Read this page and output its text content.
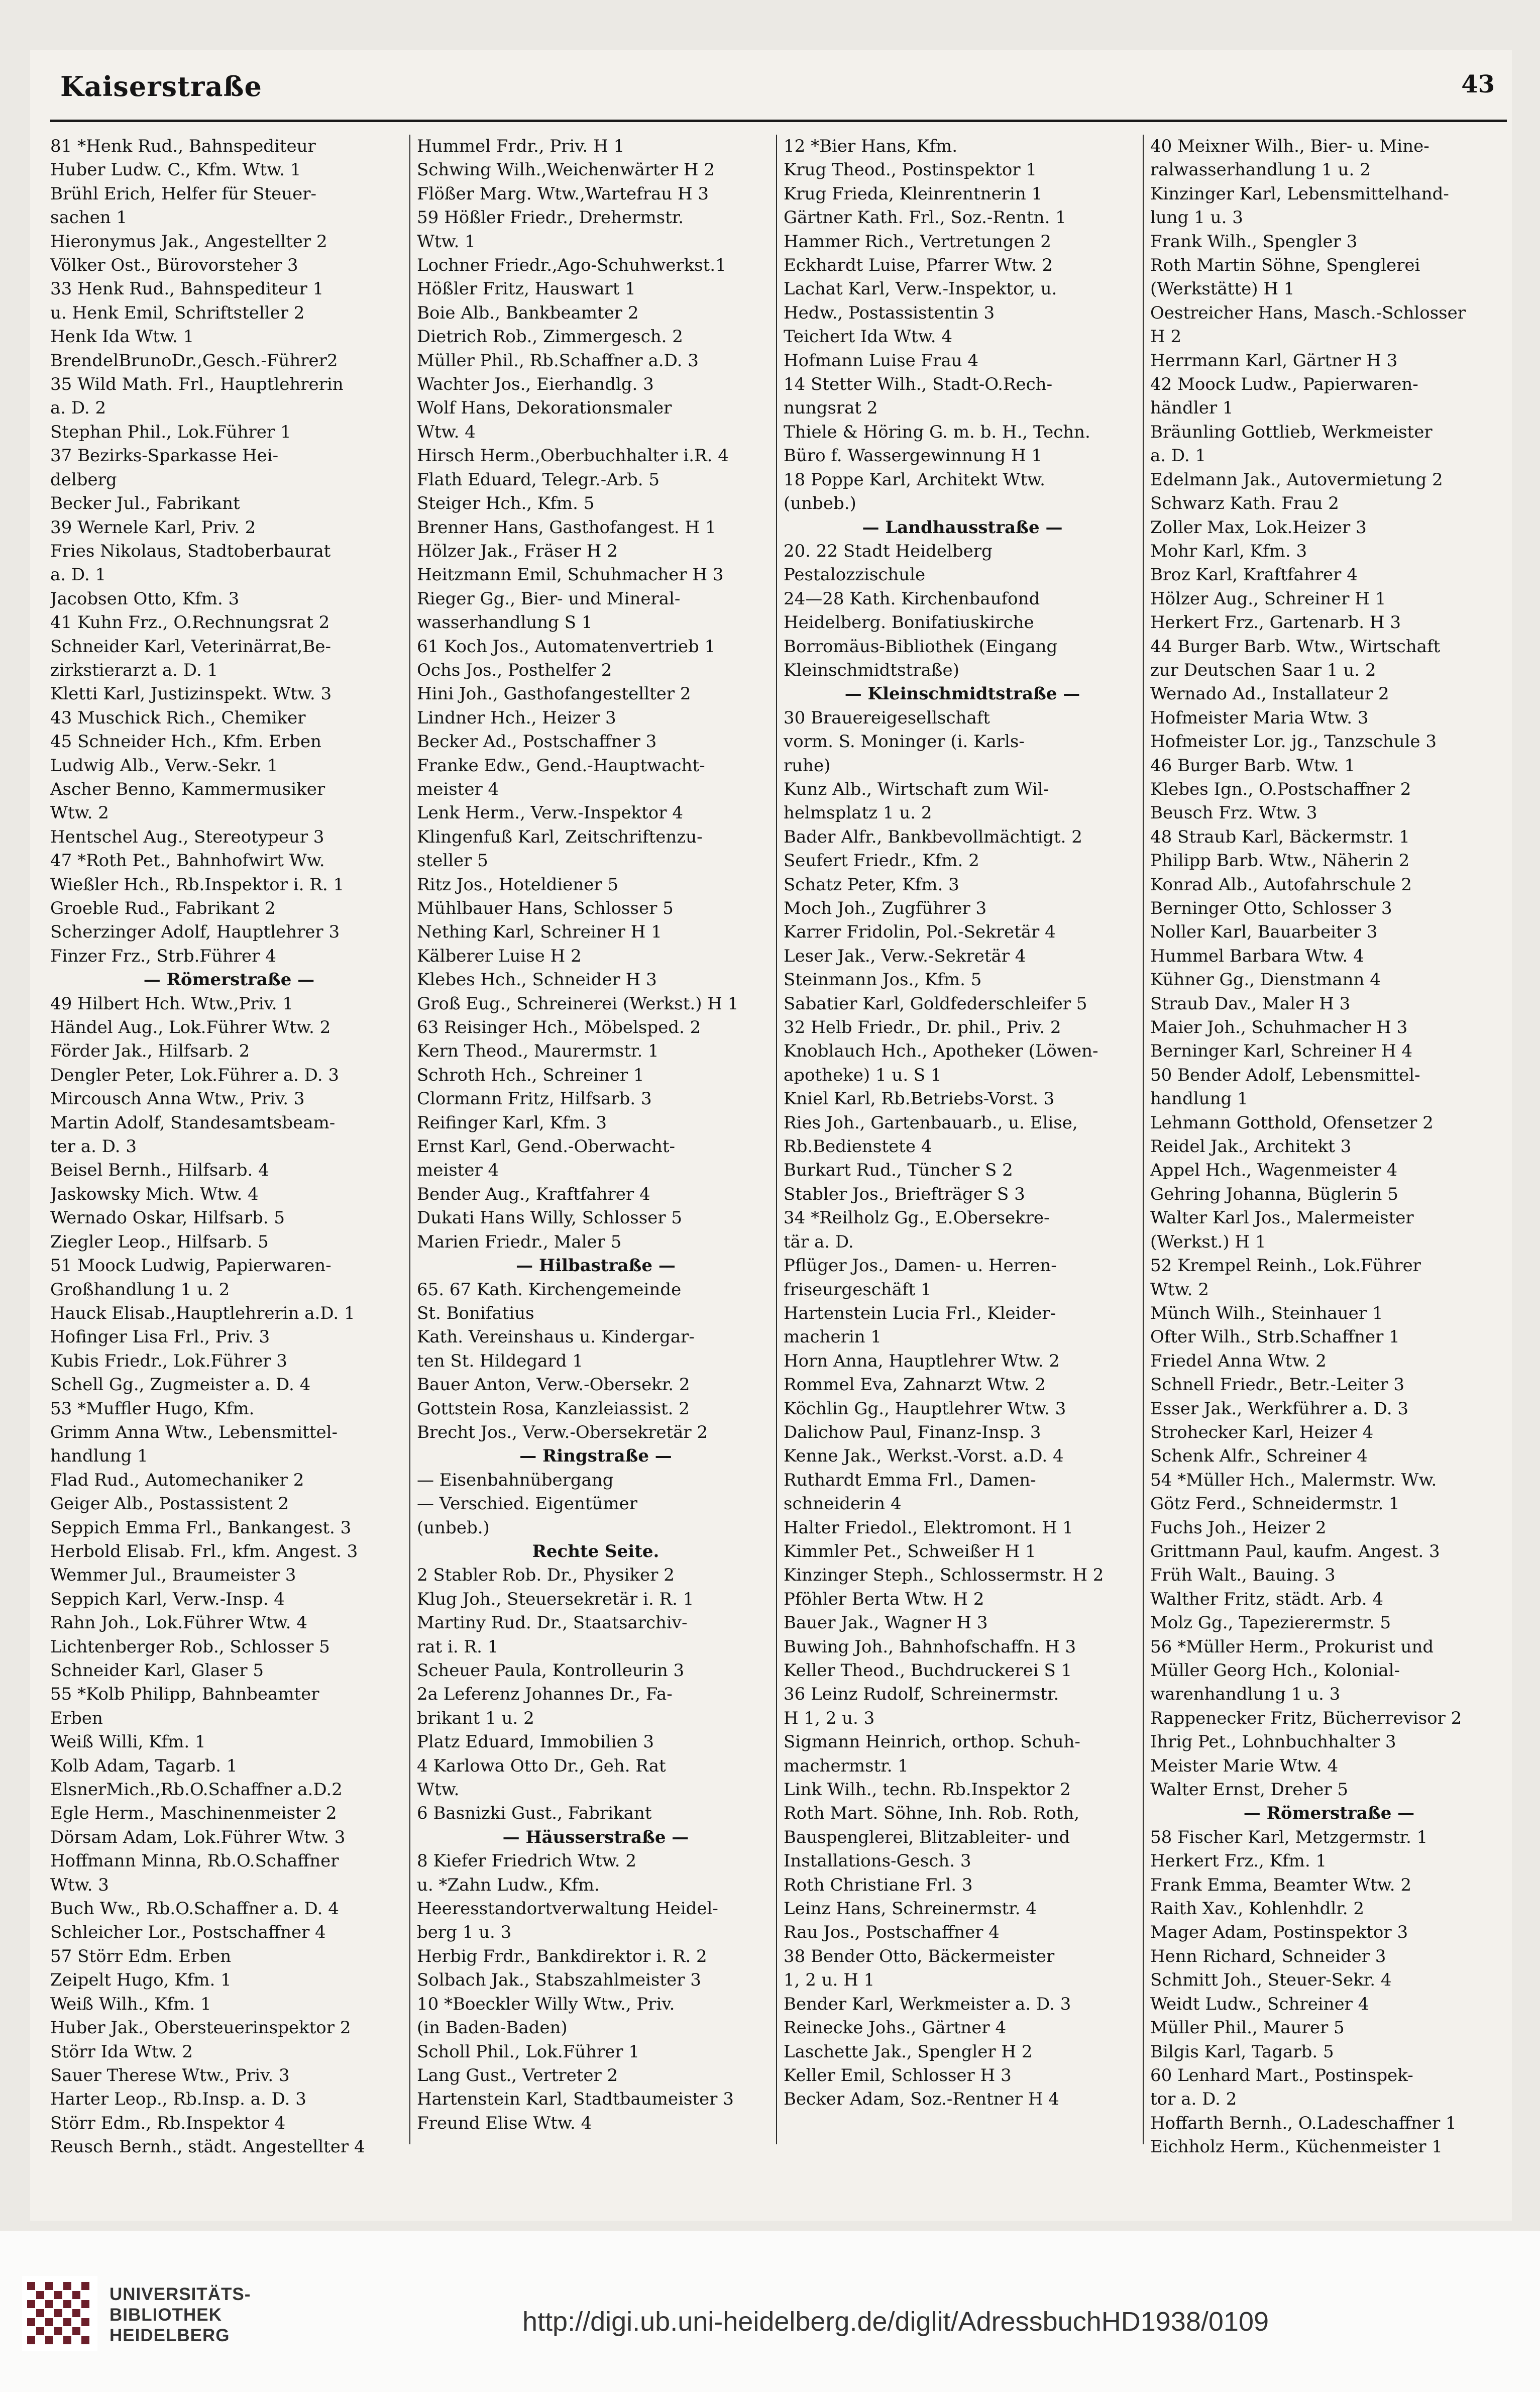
Kaiserstraße	43
81 *Henk Rud., Bahnspediteur
Huber Ludw. C., Kfm. Wtw. 1
Brühl Erich, Helfer für Steuer-
sachen 1
Hieronymus Jak., Angestellter 2
Völker Ost., Bürovorsteher 3
33 Henk Rud., Bahnspediteur 1
u. Henk Emil, Schriftsteller 2
Henk Ida Wtw. 1
BrendelBrunoDr.,Gesch.-Führer2
35 Wild Math. Frl., Hauptlehrerin
a. D. 2
Stephan Phil., Lok.Führer 1
37 Bezirks-Sparkasse Hei-
delberg
Becker Jul., Fabrikant
39 Wernele Karl, Priv. 2
Fries Nikolaus, Stadtoberbaurat
a. D. 1
Jacobsen Otto, Kfm. 3
41 Kuhn Frz., O.Rechnungsrat 2
Schneider Karl, Veterinärrat,Be-
zirkstierarzt a. D. 1
Kletti Karl, Justizinspekt. Wtw. 3
43 Muschick Rich., Chemiker
45 Schneider Hch., Kfm. Erben
Ludwig Alb., Verw.-Sekr. 1
Ascher Benno, Kammermusiker
Wtw. 2
Hentschel Aug., Stereotypeur 3
47 *Roth Pet., Bahnhofwirt Ww.
Wießler Hch., Rb.Inspektor i. R. 1
Groeble Rud., Fabrikant 2
Scherzinger Adolf, Hauptlehrer 3
Finzer Frz., Strb.Führer 4
— Römerstraße —
49 Hilbert Hch. Wtw.,Priv. 1
Händel Aug., Lok.Führer Wtw. 2
Förder Jak., Hilfsarb. 2
Dengler Peter, Lok.Führer a. D. 3
Mircousch Anna Wtw., Priv. 3
Martin Adolf, Standesamtsbeam-
ter a. D. 3
Beisel Bernh., Hilfsarb. 4
Jaskowsky Mich. Wtw. 4
Wernado Oskar, Hilfsarb. 5
Ziegler Leop., Hilfsarb. 5
51 Moock Ludwig, Papierwaren-
Großhandlung 1 u. 2
Hauck Elisab.,Hauptlehrerin a.D. 1
Hofinger Lisa Frl., Priv. 3
Kubis Friedr., Lok.Führer 3
Schell Gg., Zugmeister a. D. 4
53 *Muffler Hugo, Kfm.
Grimm Anna Wtw., Lebensmittel-
handlung 1
Flad Rud., Automechaniker 2
Geiger Alb., Postassistent 2
Seppich Emma Frl., Bankangest. 3
Herbold Elisab. Frl., kfm. Angest. 3
Wemmer Jul., Braumeister 3
Seppich Karl, Verw.-Insp. 4
Rahn Joh., Lok.Führer Wtw. 4
Lichtenberger Rob., Schlosser 5
Schneider Karl, Glaser 5
55 *Kolb Philipp, Bahnbeamter
Erben
Weiß Willi, Kfm. 1
Kolb Adam, Tagarb. 1
ElsnerMich.,Rb.O.Schaffner a.D.2
Egle Herm., Maschinenmeister 2
Dörsam Adam, Lok.Führer Wtw. 3
Hoffmann Minna, Rb.O.Schaffner
Wtw. 3
Buch Ww., Rb.O.Schaffner a. D. 4
Schleicher Lor., Postschaffner 4
57 Störr Edm. Erben
Zeipelt Hugo, Kfm. 1
Weiß Wilh., Kfm. 1
Huber Jak., Obersteuerinspektor 2
Störr Ida Wtw. 2
Sauer Therese Wtw., Priv. 3
Harter Leop., Rb.Insp. a. D. 3
Störr Edm., Rb.Inspektor 4
Reusch Bernh., städt. Angestellter 4
Hummel Frdr., Priv. H 1
Schwing Wilh.,Weichenwärter H 2
Flößer Marg. Wtw.,Wartefrau H 3
59 Hößler Friedr., Drehermstr.
Wtw. 1
Lochner Friedr.,Ago-Schuhwerkst.1
Hößler Fritz, Hauswart 1
Boie Alb., Bankbeamter 2
Dietrich Rob., Zimmergesch. 2
Müller Phil., Rb.Schaffner a.D. 3
Wachter Jos., Eierhandlg. 3
Wolf Hans, Dekorationsmaler
Wtw. 4
Hirsch Herm.,Oberbuchhalter i.R. 4
Flath Eduard, Telegr.-Arb. 5
Steiger Hch., Kfm. 5
Brenner Hans, Gasthofangest. H 1
Hölzer Jak., Fräser H 2
Heitzmann Emil, Schuhmacher H 3
Rieger Gg., Bier- und Mineral-
wasserhandlung S 1
61 Koch Jos., Automatenvertrieb 1
Ochs Jos., Posthelfer 2
Hini Joh., Gasthofangestellter 2
Lindner Hch., Heizer 3
Becker Ad., Postschaffner 3
Franke Edw., Gend.-Hauptwacht-
meister 4
Lenk Herm., Verw.-Inspektor 4
Klingenfuß Karl, Zeitschriftenzu-
steller 5
Ritz Jos., Hoteldiener 5
Mühlbauer Hans, Schlosser 5
Nething Karl, Schreiner H 1
Kälberer Luise H 2
Klebes Hch., Schneider H 3
Groß Eug., Schreinerei (Werkst.) H 1
63 Reisinger Hch., Möbelsped. 2
Kern Theod., Maurermstr. 1
Schroth Hch., Schreiner 1
Clormann Fritz, Hilfsarb. 3
Reifinger Karl, Kfm. 3
Ernst Karl, Gend.-Oberwacht-
meister 4
Bender Aug., Kraftfahrer 4
Dukati Hans Willy, Schlosser 5
Marien Friedr., Maler 5
— Hilbastraße —
65. 67 Kath. Kirchengemeinde
St. Bonifatius
Kath. Vereinshaus u. Kindergar-
ten St. Hildegard 1
Bauer Anton, Verw.-Obersekr. 2
Gottstein Rosa, Kanzleiassist. 2
Brecht Jos., Verw.-Obersekretär 2
— Ringstraße —
— Eisenbahnübergang
— Verschied. Eigentümer
(unbeb.)
Rechte Seite.
2 Stabler Rob. Dr., Physiker 2
Klug Joh., Steuersekretär i. R. 1
Martiny Rud. Dr., Staatsarchiv-
rat i. R. 1
Scheuer Paula, Kontrolleurin 3
2a Leferenz Johannes Dr., Fa-
brikant 1 u. 2
Platz Eduard, Immobilien 3
4 Karlowa Otto Dr., Geh. Rat
Wtw.
6 Basnizki Gust., Fabrikant
— Häusserstraße —
8 Kiefer Friedrich Wtw. 2
u. *Zahn Ludw., Kfm.
Heeresstandortverwaltung Heidel-
berg 1 u. 3
Herbig Frdr., Bankdirektor i. R. 2
Solbach Jak., Stabszahlmeister 3
10 *Boeckler Willy Wtw., Priv.
(in Baden-Baden)
Scholl Phil., Lok.Führer 1
Lang Gust., Vertreter 2
Hartenstein Karl, Stadtbaumeister 3
Freund Elise Wtw. 4
12 *Bier Hans, Kfm.
Krug Theod., Postinspektor 1
Krug Frieda, Kleinrentnerin 1
Gärtner Kath. Frl., Soz.-Rentn. 1
Hammer Rich., Vertretungen 2
Eckhardt Luise, Pfarrer Wtw. 2
Lachat Karl, Verw.-Inspektor, u.
Hedw., Postassistentin 3
Teichert Ida Wtw. 4
Hofmann Luise Frau 4
14 Stetter Wilh., Stadt-O.Rech-
nungsrat 2
Thiele & Höring G. m. b. H., Techn.
Büro f. Wassergewinnung H 1
18 Poppe Karl, Architekt Wtw.
(unbeb.)
— Landhausstraße —
20. 22 Stadt Heidelberg
Pestalozzischule
24—28 Kath. Kirchenbaufond
Heidelberg. Bonifatiuskirche
Borromäus-Bibliothek (Eingang
Kleinschmidtstraße)
— Kleinschmidtstraße —
30 Brauereigesellschaft
vorm. S. Moninger (i. Karls-
ruhe)
Kunz Alb., Wirtschaft zum Wil-
helmsplatz 1 u. 2
Bader Alfr., Bankbevollmächtigt. 2
Seufert Friedr., Kfm. 2
Schatz Peter, Kfm. 3
Moch Joh., Zugführer 3
Karrer Fridolin, Pol.-Sekretär 4
Leser Jak., Verw.-Sekretär 4
Steinmann Jos., Kfm. 5
Sabatier Karl, Goldfederschleifer 5
32 Helb Friedr., Dr. phil., Priv. 2
Knoblauch Hch., Apotheker (Löwen-
apotheke) 1 u. S 1
Kniel Karl, Rb.Betriebs-Vorst. 3
Ries Joh., Gartenbauarb., u. Elise,
Rb.Bedienstete 4
Burkart Rud., Tüncher S 2
Stabler Jos., Briefträger S 3
34 *Reilholz Gg., E.Obersekre-
tär a. D.
Pflüger Jos., Damen- u. Herren-
friseurgeschäft 1
Hartenstein Lucia Frl., Kleider-
macherin 1
Horn Anna, Hauptlehrer Wtw. 2
Rommel Eva, Zahnarzt Wtw. 2
Köchlin Gg., Hauptlehrer Wtw. 3
Dalichow Paul, Finanz-Insp. 3
Kenne Jak., Werkst.-Vorst. a.D. 4
Ruthardt Emma Frl., Damen-
schneiderin 4
Halter Friedol., Elektromont. H 1
Kimmler Pet., Schweißer H 1
Kinzinger Steph., Schlossermstr. H 2
Pföhler Berta Wtw. H 2
Bauer Jak., Wagner H 3
Buwing Joh., Bahnhofschaffn. H 3
Keller Theod., Buchdruckerei S 1
36 Leinz Rudolf, Schreinermstr.
H 1, 2 u. 3
Sigmann Heinrich, orthop. Schuh-
machermstr. 1
Link Wilh., techn. Rb.Inspektor 2
Roth Mart. Söhne, Inh. Rob. Roth,
Bauspenglerei, Blitzableiter- und
Installations-Gesch. 3
Roth Christiane Frl. 3
Leinz Hans, Schreinermstr. 4
Rau Jos., Postschaffner 4
38 Bender Otto, Bäckermeister
1, 2 u. H 1
Bender Karl, Werkmeister a. D. 3
Reinecke Johs., Gärtner 4
Laschette Jak., Spengler H 2
Keller Emil, Schlosser H 3
Becker Adam, Soz.-Rentner H 4
40 Meixner Wilh., Bier- u. Mine-
ralwasserhandlung 1 u. 2
Kinzinger Karl, Lebensmittelhand-
lung 1 u. 3
Frank Wilh., Spengler 3
Roth Martin Söhne, Spenglerei
(Werkstätte) H 1
Oestreicher Hans, Masch.-Schlosser
H 2
Herrmann Karl, Gärtner H 3
42 Moock Ludw., Papierwaren-
händler 1
Bräunling Gottlieb, Werkmeister
a. D. 1
Edelmann Jak., Autovermietung 2
Schwarz Kath. Frau 2
Zoller Max, Lok.Heizer 3
Mohr Karl, Kfm. 3
Broz Karl, Kraftfahrer 4
Hölzer Aug., Schreiner H 1
Herkert Frz., Gartenarb. H 3
44 Burger Barb. Wtw., Wirtschaft
zur Deutschen Saar 1 u. 2
Wernado Ad., Installateur 2
Hofmeister Maria Wtw. 3
Hofmeister Lor. jg., Tanzschule 3
46 Burger Barb. Wtw. 1
Klebes Ign., O.Postschaffner 2
Beusch Frz. Wtw. 3
48 Straub Karl, Bäckermstr. 1
Philipp Barb. Wtw., Näherin 2
Konrad Alb., Autofahrschule 2
Berninger Otto, Schlosser 3
Noller Karl, Bauarbeiter 3
Hummel Barbara Wtw. 4
Kühner Gg., Dienstmann 4
Straub Dav., Maler H 3
Maier Joh., Schuhmacher H 3
Berninger Karl, Schreiner H 4
50 Bender Adolf, Lebensmittel-
handlung 1
Lehmann Gotthold, Ofensetzer 2
Reidel Jak., Architekt 3
Appel Hch., Wagenmeister 4
Gehring Johanna, Büglerin 5
Walter Karl Jos., Malermeister
(Werkst.) H 1
52 Krempel Reinh., Lok.Führer
Wtw. 2
Münch Wilh., Steinhauer 1
Ofter Wilh., Strb.Schaffner 1
Friedel Anna Wtw. 2
Schnell Friedr., Betr.-Leiter 3
Esser Jak., Werkführer a. D. 3
Strohecker Karl, Heizer 4
Schenk Alfr., Schreiner 4
54 *Müller Hch., Malermstr. Ww.
Götz Ferd., Schneidermstr. 1
Fuchs Joh., Heizer 2
Grittmann Paul, kaufm. Angest. 3
Früh Walt., Bauing. 3
Walther Fritz, städt. Arb. 4
Molz Gg., Tapezierermstr. 5
56 *Müller Herm., Prokurist und
Müller Georg Hch., Kolonial-
warenhandlung 1 u. 3
Rappenecker Fritz, Bücherrevisor 2
Ihrig Pet., Lohnbuchhalter 3
Meister Marie Wtw. 4
Walter Ernst, Dreher 5
— Römerstraße —
58 Fischer Karl, Metzgermstr. 1
Herkert Frz., Kfm. 1
Frank Emma, Beamter Wtw. 2
Raith Xav., Kohlenhdlr. 2
Mager Adam, Postinspektor 3
Henn Richard, Schneider 3
Schmitt Joh., Steuer-Sekr. 4
Weidt Ludw., Schreiner 4
Müller Phil., Maurer 5
Bilgis Karl, Tagarb. 5
60 Lenhard Mart., Postinspek-
tor a. D. 2
Hoffarth Bernh., O.Ladeschaffner 1
Eichholz Herm., Küchenmeister 1
UNIVERSITÄTS-
BIBLIOTHEK
HEIDELBERG	http://digi.ub.uni-heidelberg.de/diglit/AdressbuchHD1938/0109
